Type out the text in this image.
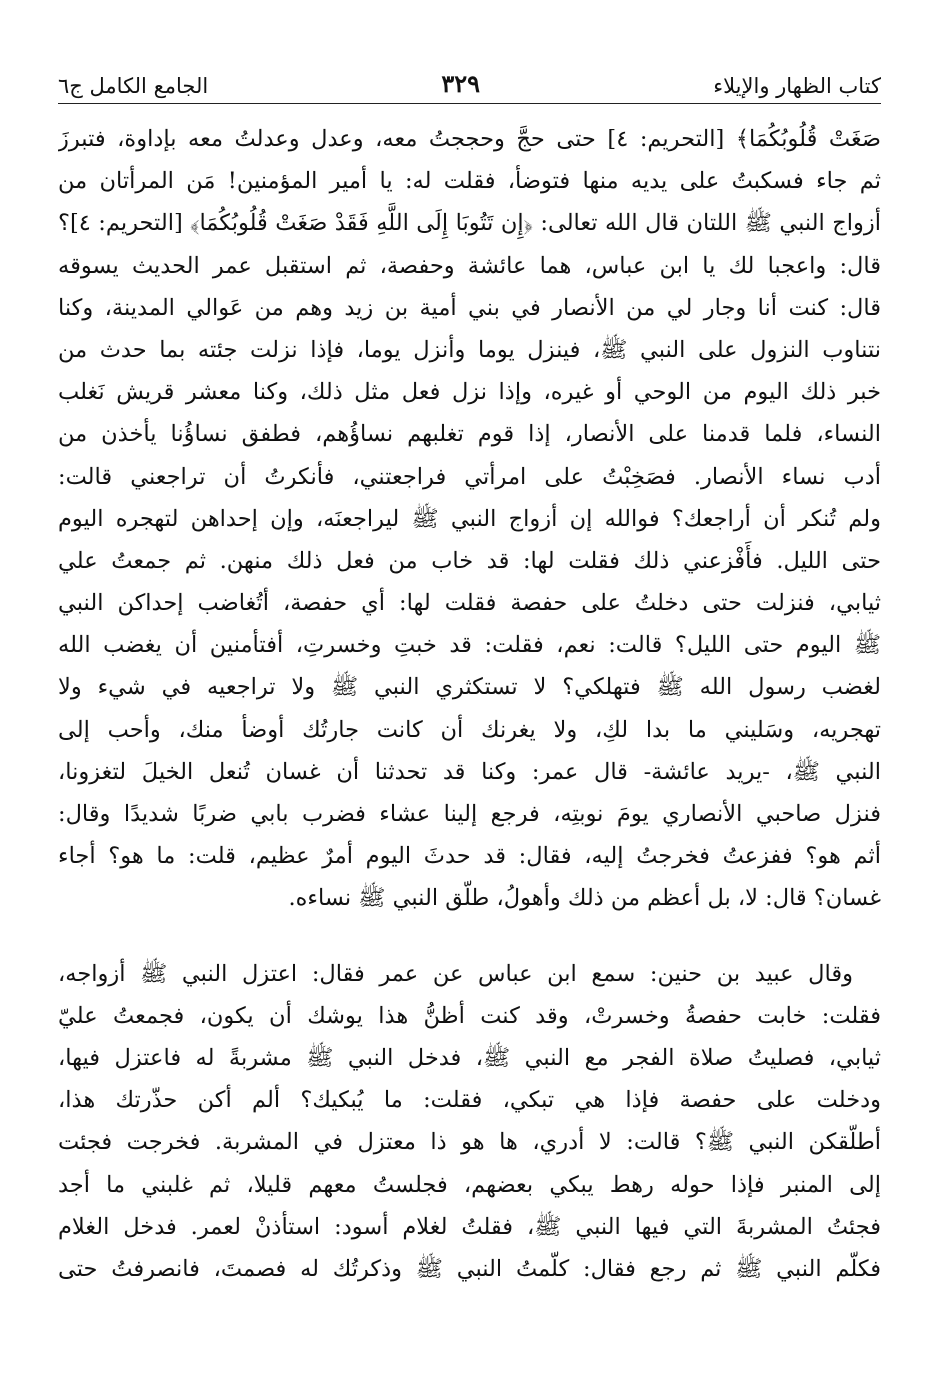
كتاب الظهار والإيلاء
٣٢٩
الجامع الكامل ج٦
صَغَتْ قُلُوبُكُمَا﴾ [التحريم: ٤] حتى حجَّ وحججتُ معه، وعدل وعدلتُ معه بإداوة، فتبرزَ
ثم جاء فسكبتُ على يديه منها فتوضأ، فقلت له: يا أمير المؤمنين! مَن المرأتان من
أزواج النبي ﷺ اللتان قال الله تعالى: ﴿إِن تَتُوبَا إِلَى اللَّهِ فَقَدْ صَغَتْ قُلُوبُكُمَا﴾ [التحريم: ٤]؟
قال: واعجبا لك يا ابن عباس، هما عائشة وحفصة، ثم استقبل عمر الحديث يسوقه
قال: كنت أنا وجار لي من الأنصار في بني أمية بن زيد وهم من عَوالي المدينة، وكنا
نتناوب النزول على النبي ﷺ، فينزل يوما وأنزل يوما، فإذا نزلت جئته بما حدث من
خبر ذلك اليوم من الوحي أو غيره، وإذا نزل فعل مثل ذلك، وكنا معشر قريش نَغلب
النساء، فلما قدمنا على الأنصار، إذا قوم تغلبهم نساؤُهم، فطفق نساؤُنا يأخذن من
أدب نساء الأنصار. فصَخِبْتُ على امرأتي فراجعتني، فأنكرتُ أن تراجعني قالت:
ولم تُنكر أن أراجعك؟ فوالله إن أزواج النبي ﷺ ليراجعنَه، وإن إحداهن لتهجره اليوم
حتى الليل. فأَفْزعني ذلك فقلت لها: قد خاب من فعل ذلك منهن. ثم جمعتُ علي
ثيابي، فنزلت حتى دخلتُ على حفصة فقلت لها: أي حفصة، أتُغاضب إحداكن النبي
ﷺ اليوم حتى الليل؟ قالت: نعم، فقلت: قد خبتِ وخسرتِ، أفتأمنين أن يغضب الله
لغضب رسول الله ﷺ فتهلكي؟ لا تستكثري النبي ﷺ ولا تراجعيه في شيء ولا
تهجريه، وسَليني ما بدا لكِ، ولا يغرنك أن كانت جارتُك أوضأ منك، وأحب إلى
النبي ﷺ، -يريد عائشة- قال عمر: وكنا قد تحدثنا أن غسان تُنعل الخيلَ لتغزونا،
فنزل صاحبي الأنصاري يومَ نوبتِه، فرجع إلينا عشاء فضرب بابي ضربًا شديدًا وقال:
أثم هو؟ ففزعتُ فخرجتُ إليه، فقال: قد حدثَ اليوم أمرٌ عظيم، قلت: ما هو؟ أجاء
غسان؟ قال: لا، بل أعظم من ذلك وأهولُ، طلّق النبي ﷺ نساءه.
وقال عبيد بن حنين: سمع ابن عباس عن عمر فقال: اعتزل النبي ﷺ أزواجه،
فقلت: خابت حفصةُ وخسرتْ، وقد كنت أظنُّ هذا يوشك أن يكون، فجمعتُ عليّ
ثيابي، فصليتُ صلاة الفجر مع النبي ﷺ، فدخل النبي ﷺ مشربةً له فاعتزل فيها،
ودخلت على حفصة فإذا هي تبكي، فقلت: ما يُبكيك؟ ألم أكن حذّرتك هذا،
أطلّقكن النبي ﷺ؟ قالت: لا أدري، ها هو ذا معتزل في المشربة. فخرجت فجئت
إلى المنبر فإذا حوله رهط يبكي بعضهم، فجلستُ معهم قليلا، ثم غلبني ما أجد
فجئتُ المشربةَ التي فيها النبي ﷺ، فقلتُ لغلام أسود: استأذنْ لعمر. فدخل الغلام
فكلّم النبي ﷺ ثم رجع فقال: كلّمتُ النبي ﷺ وذكرتُك له فصمتَ، فانصرفتُ حتى
